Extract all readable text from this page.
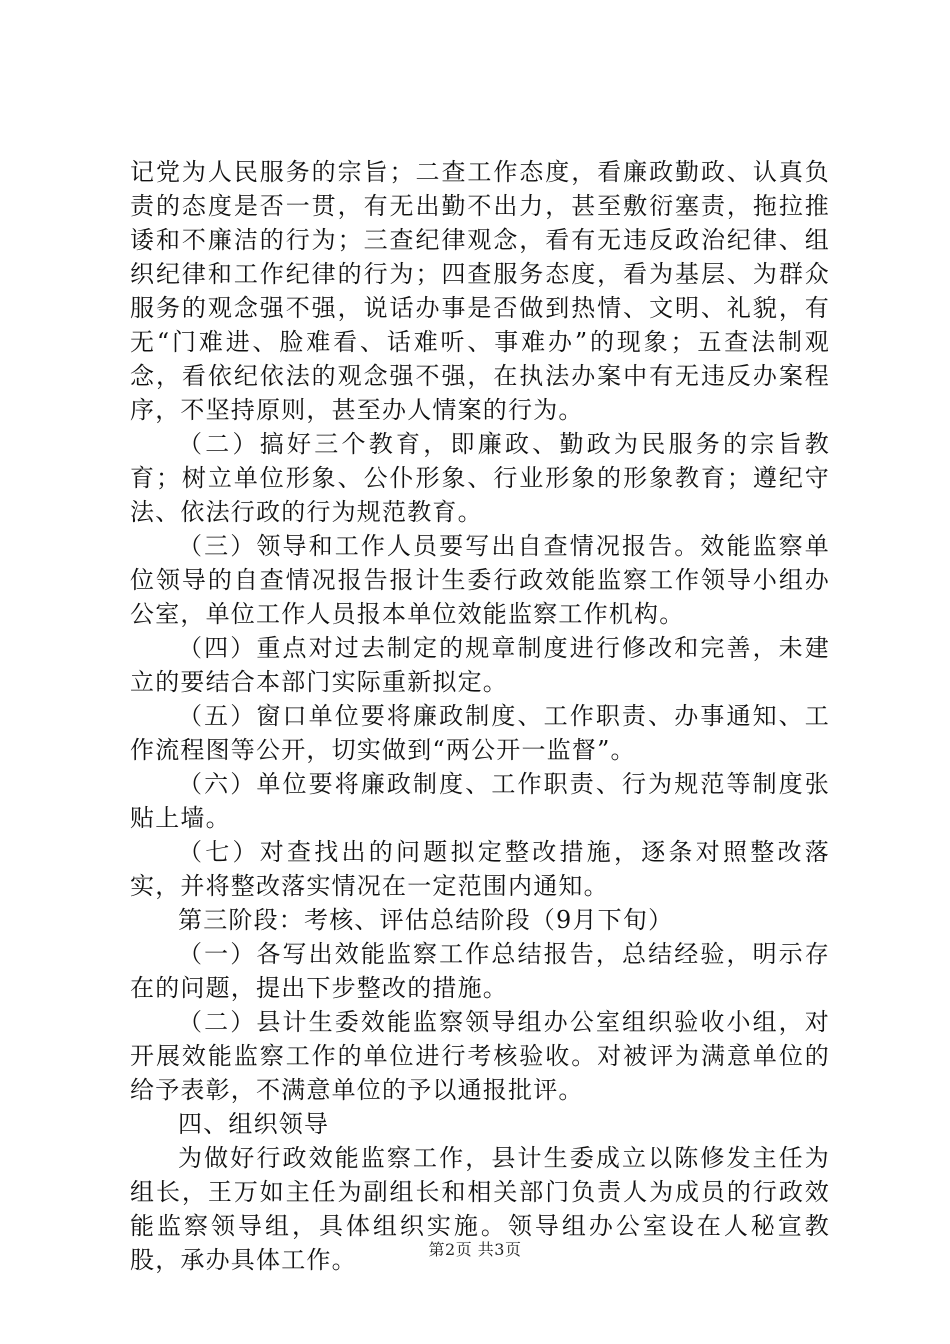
记党为人民服务的宗旨；二查工作态度，看廉政勤政、认真负责的态度是否一贯，有无出勤不出力，甚至敷衍塞责，拖拉推诿和不廉洁的行为；三查纪律观念，看有无违反政治纪律、组织纪律和工作纪律的行为；四查服务态度，看为基层、为群众服务的观念强不强，说话办事是否做到热情、文明、礼貌，有无“门难进、脸难看、话难听、事难办”的现象；五查法制观念，看依纪依法的观念强不强，在执法办案中有无违反办案程序，不坚持原则，甚至办人情案的行为。

（二）搞好三个教育，即廉政、勤政为民服务的宗旨教育；树立单位形象、公仆形象、行业形象的形象教育；遵纪守法、依法行政的行为规范教育。

（三）领导和工作人员要写出自查情况报告。效能监察单位领导的自查情况报告报计生委行政效能监察工作领导小组办公室，单位工作人员报本单位效能监察工作机构。

（四）重点对过去制定的规章制度进行修改和完善，未建立的要结合本部门实际重新拟定。

（五）窗口单位要将廉政制度、工作职责、办事通知、工作流程图等公开，切实做到“两公开一监督”。

（六）单位要将廉政制度、工作职责、行为规范等制度张贴上墙。

（七）对查找出的问题拟定整改措施，逐条对照整改落实，并将整改落实情况在一定范围内通知。

第三阶段：考核、评估总结阶段（9月下旬）

（一）各写出效能监察工作总结报告，总结经验，明示存在的问题，提出下步整改的措施。

（二）县计生委效能监察领导组办公室组织验收小组，对开展效能监察工作的单位进行考核验收。对被评为满意单位的给予表彰，不满意单位的予以通报批评。

四、组织领导

为做好行政效能监察工作，县计生委成立以陈修发主任为组长，王万如主任为副组长和相关部门负责人为成员的行政效能监察领导组，具体组织实施。领导组办公室设在人秘宣教股，承办具体工作。	第2页 共3页
